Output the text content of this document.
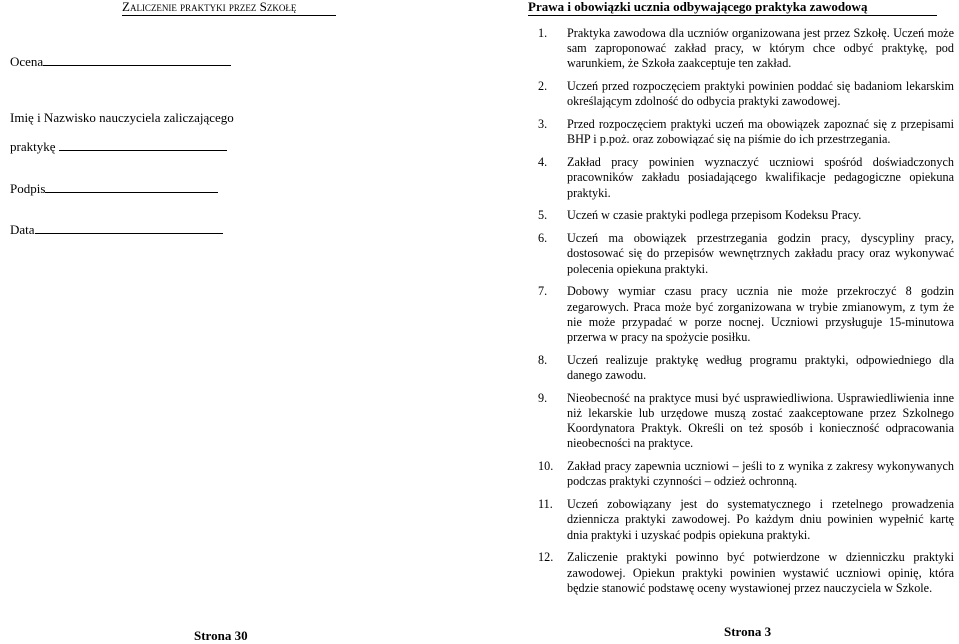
Zaliczenie praktyki przez Szkołę	Prawa i obowiązki ucznia odbywającego praktyka zawodową
Ocena
Imię i Nazwisko nauczyciela zaliczającego
praktykę
Podpis
Data
1. Praktyka zawodowa dla uczniów organizowana jest przez Szkołę. Uczeń może sam zaproponować zakład pracy, w którym chce odbyć praktykę, pod warunkiem, że Szkoła zaakceptuje ten zakład.
2. Uczeń przed rozpoczęciem praktyki powinien poddać się badaniom lekarskim określającym zdolność do odbycia praktyki zawodowej.
3. Przed rozpoczęciem praktyki uczeń ma obowiązek zapoznać się z przepisami BHP i p.poż. oraz zobowiązać się na piśmie do ich przestrzegania.
4. Zakład pracy powinien wyznaczyć uczniowi spośród doświadczonych pracowników zakładu posiadającego kwalifikacje pedagogiczne opiekuna praktyki.
5. Uczeń w czasie praktyki podlega przepisom Kodeksu Pracy.
6. Uczeń ma obowiązek przestrzegania godzin pracy, dyscypliny pracy, dostosować się do przepisów wewnętrznych zakładu pracy oraz wykonywać polecenia opiekuna praktyki.
7. Dobowy wymiar czasu pracy ucznia nie może przekroczyć 8 godzin zegarowych. Praca może być zorganizowana w trybie zmianowym, z tym że nie może przypadać w porze nocnej. Uczniowi przysługuje 15-minutowa przerwa w pracy na spożycie posiłku.
8. Uczeń realizuje praktykę według programu praktyki, odpowiedniego dla danego zawodu.
9. Nieobecność na praktyce musi być usprawiedliwiona. Usprawiedliwienia inne niż lekarskie lub urzędowe muszą zostać zaakceptowane przez Szkolnego Koordynatora Praktyk. Określi on też sposób i konieczność odpracowania nieobecności na praktyce.
10. Zakład pracy zapewnia uczniowi – jeśli to z wynika z zakresy wykonywanych podczas praktyki czynności – odzież ochronną.
11. Uczeń zobowiązany jest do systematycznego i rzetelnego prowadzenia dziennicza praktyki zawodowej. Po każdym dniu powinien wypełnić kartę dnia praktyki i uzyskać podpis opiekuna praktyki.
12. Zaliczenie praktyki powinno być potwierdzone w dzienniczku praktyki zawodowej. Opiekun praktyki powinien wystawić uczniowi opinię, która będzie stanowić podstawę oceny wystawionej przez nauczyciela w Szkole.
Strona 30	Strona 3
